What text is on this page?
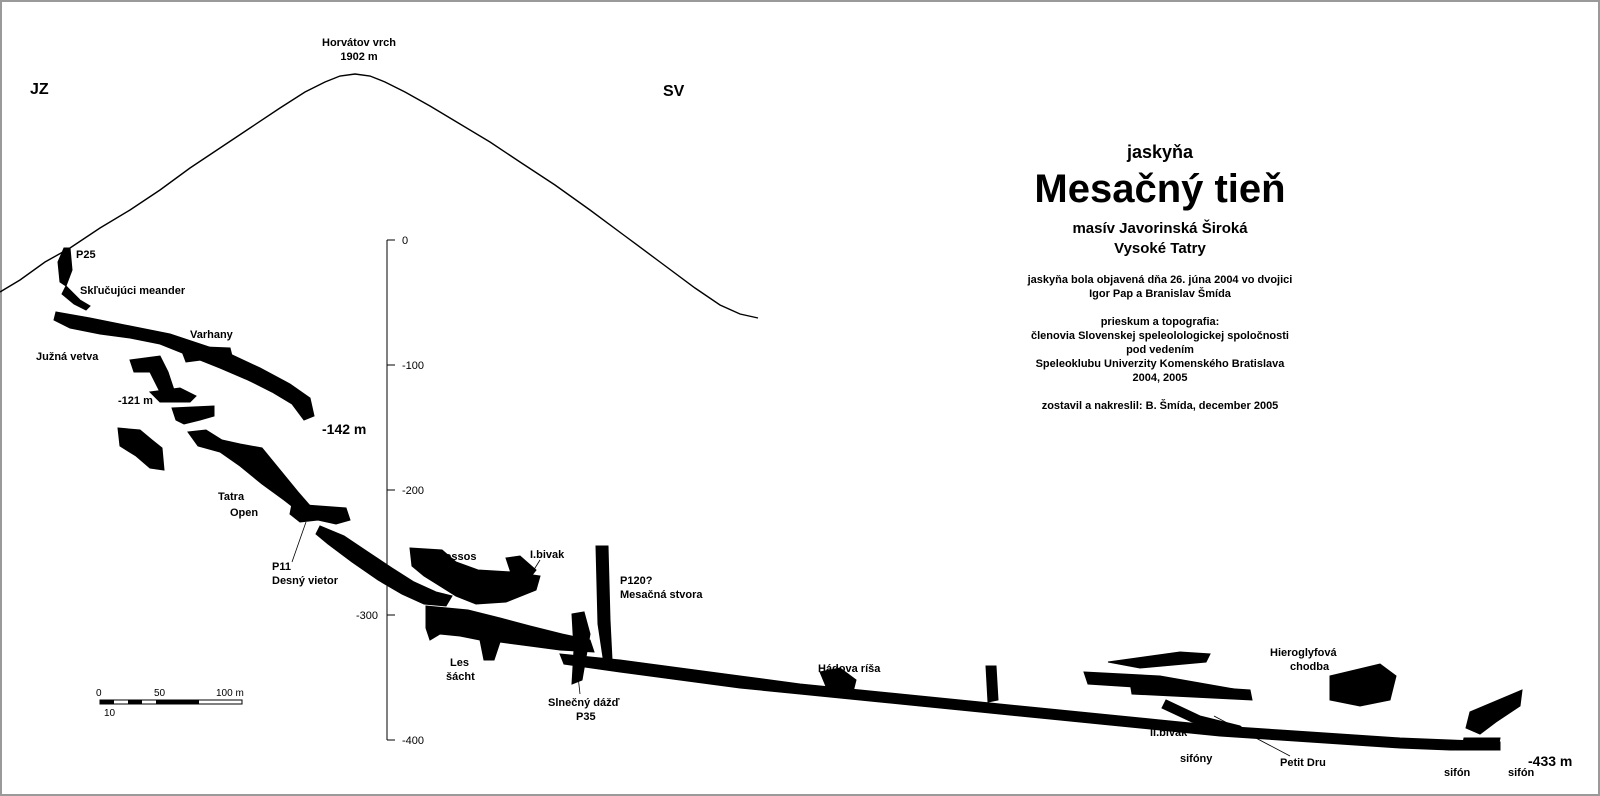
0
-100
-200
-300
-400
JZ	SV
Horvátov vrch
1902 m
-142 m
-121 m
-433 m
P25
Skľučujúci meander
Varhany
Južná vetva
Tatra
Open
P11
Desný vietor
Knossos	I.bivak
P120?
Mesačná stvora
Les
šácht
Slnečný dážď
P35
Hádova ríša
Hieroglyfová
chodba
II.bivak
sifóny	Petit Dru
sifón	sifón
0	50	100 m
10

jaskyňa

Mesačný tieň

masív Javorinská Široká

Vysoké Tatry

jaskyňa bola objavená dňa 26. júna 2004 vo dvojici

Igor Pap a Branislav Šmída

prieskum a topografia:

členovia Slovenskej speleolologickej spoločnosti

pod vedením

Speleoklubu Univerzity Komenského Bratislava

2004, 2005

zostavil a nakreslil: B. Šmída, december 2005
